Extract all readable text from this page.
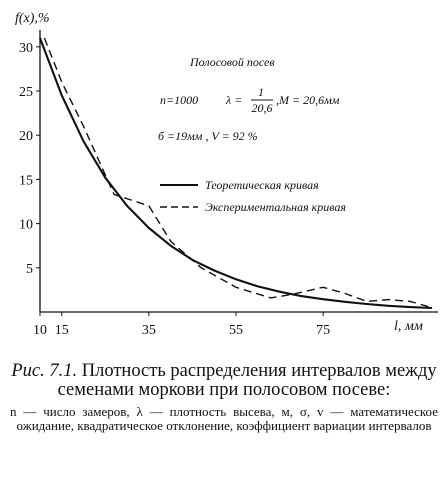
5
10
15
20
25
30
10 15	35	55	75
f(x),%
l, мм
Полосовой посев
n=1000 λ =
1
20,6
,M = 20,6мм
б =19мм , V = 92 %
Теоретическая кривая
Экспериментальная кривая

Рис. 7.1. Плотность распределения интервалов между семенами моркови при полосовом посеве:

n — число замеров, λ — плотность высева, м, σ, v — математическое ожидание, квадратическое отклонение, коэффициент вариации интервалов
